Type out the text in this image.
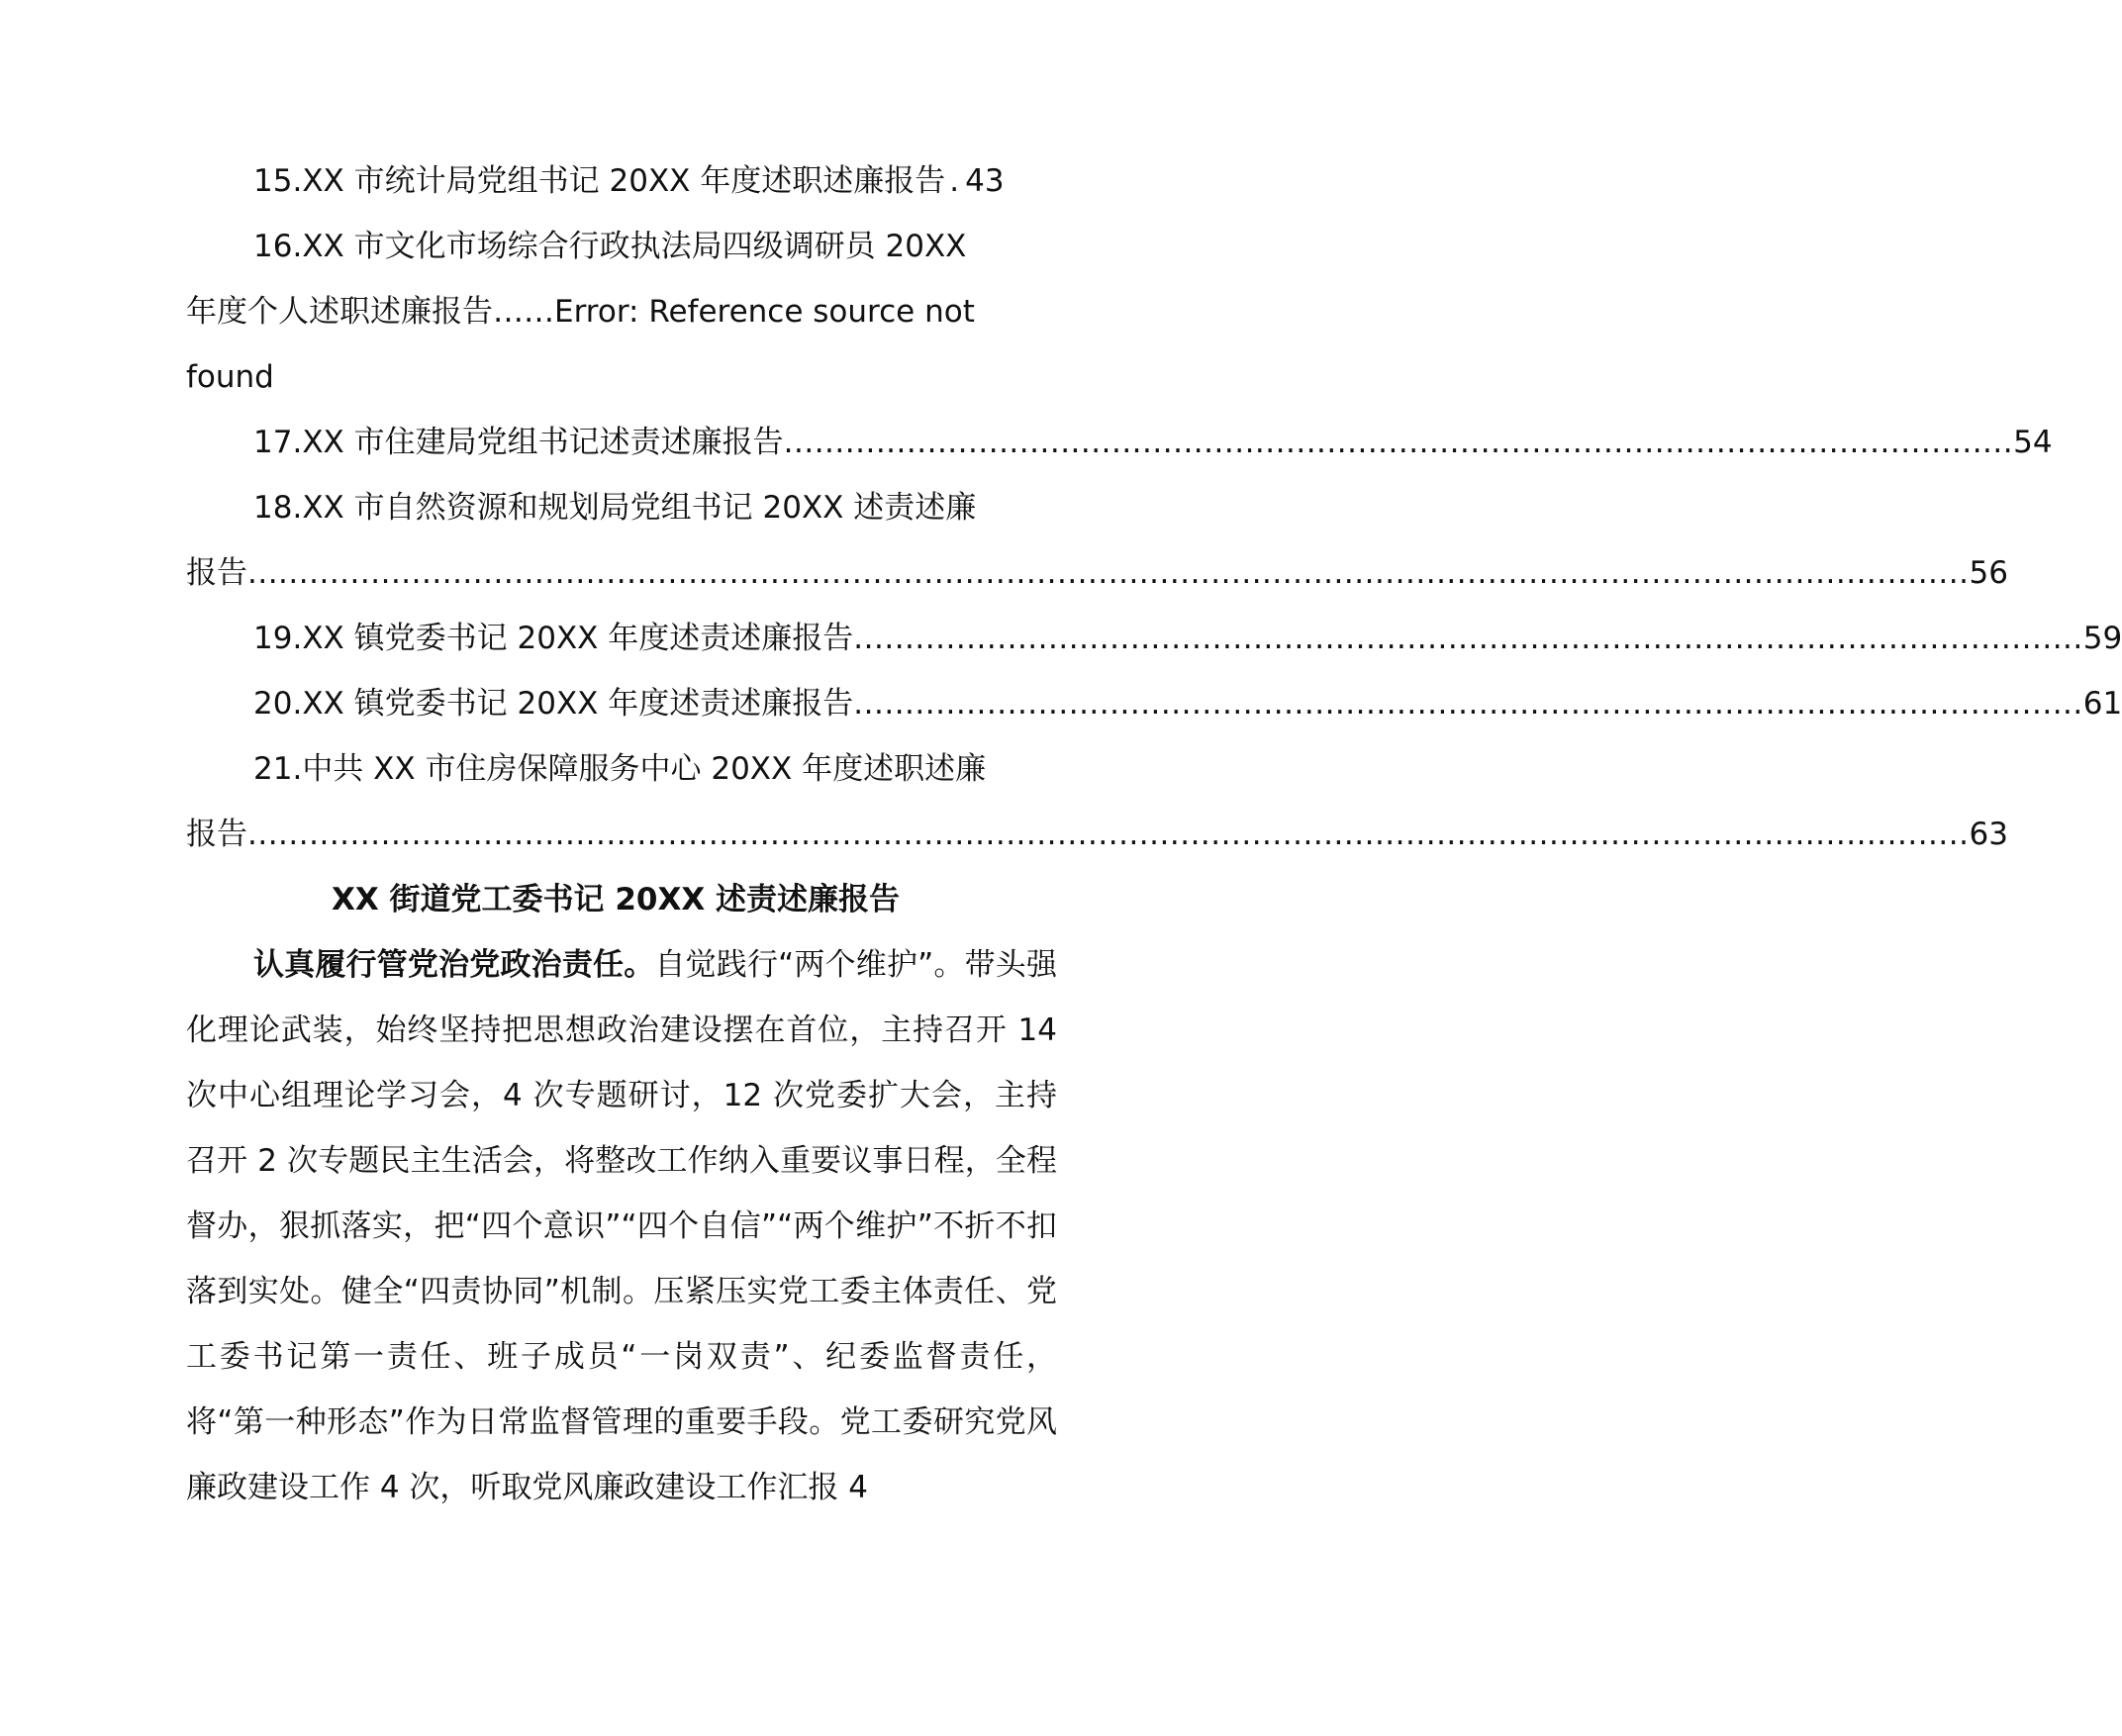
15. XX 市统计局党组书记 20XX 年度述职述廉报告 . 43
16. XX 市文化市场综合行政执法局四级调研员 20XX
年度个人述职述廉报告 …… Error: Reference source not
found
17. XX 市住建局党组书记述责述廉报告 ........................................................................................................................ 54
18. XX 市自然资源和规划局党组书记 20XX 述责述廉
报告 ........................................................................................................................................................................ 56
19. XX 镇党委书记 20XX 年度述责述廉报告 ........................................................................................................................ 59
20. XX 镇党委书记 20XX 年度述责述廉报告 ........................................................................................................................ 61
21. 中共 XX 市住房保障服务中心 20XX 年度述职述廉
报告 ........................................................................................................................................................................ 63
XX 街道党工委书记 20XX 述责述廉报告

认真履行管党治党政治责任。自觉践行“两个维护”。带头强化理论武装，始终坚持把思想政治建设摆在首位，主持召开 14 次中心组理论学习会，4 次专题研讨，12 次党委扩大会，主持召开 2 次专题民主生活会，将整改工作纳入重要议事日程，全程督办，狠抓落实，把“四个意识”“四个自信”“两个维护”不折不扣落到实处。健全“四责协同”机制。压紧压实党工委主体责任、党工委书记第一责任、班子成员“一岗双责”、纪委监督责任，将“第一种形态”作为日常监督管理的重要手段。党工委研究党风廉政建设工作 4 次，听取党风廉政建设工作汇报 4
